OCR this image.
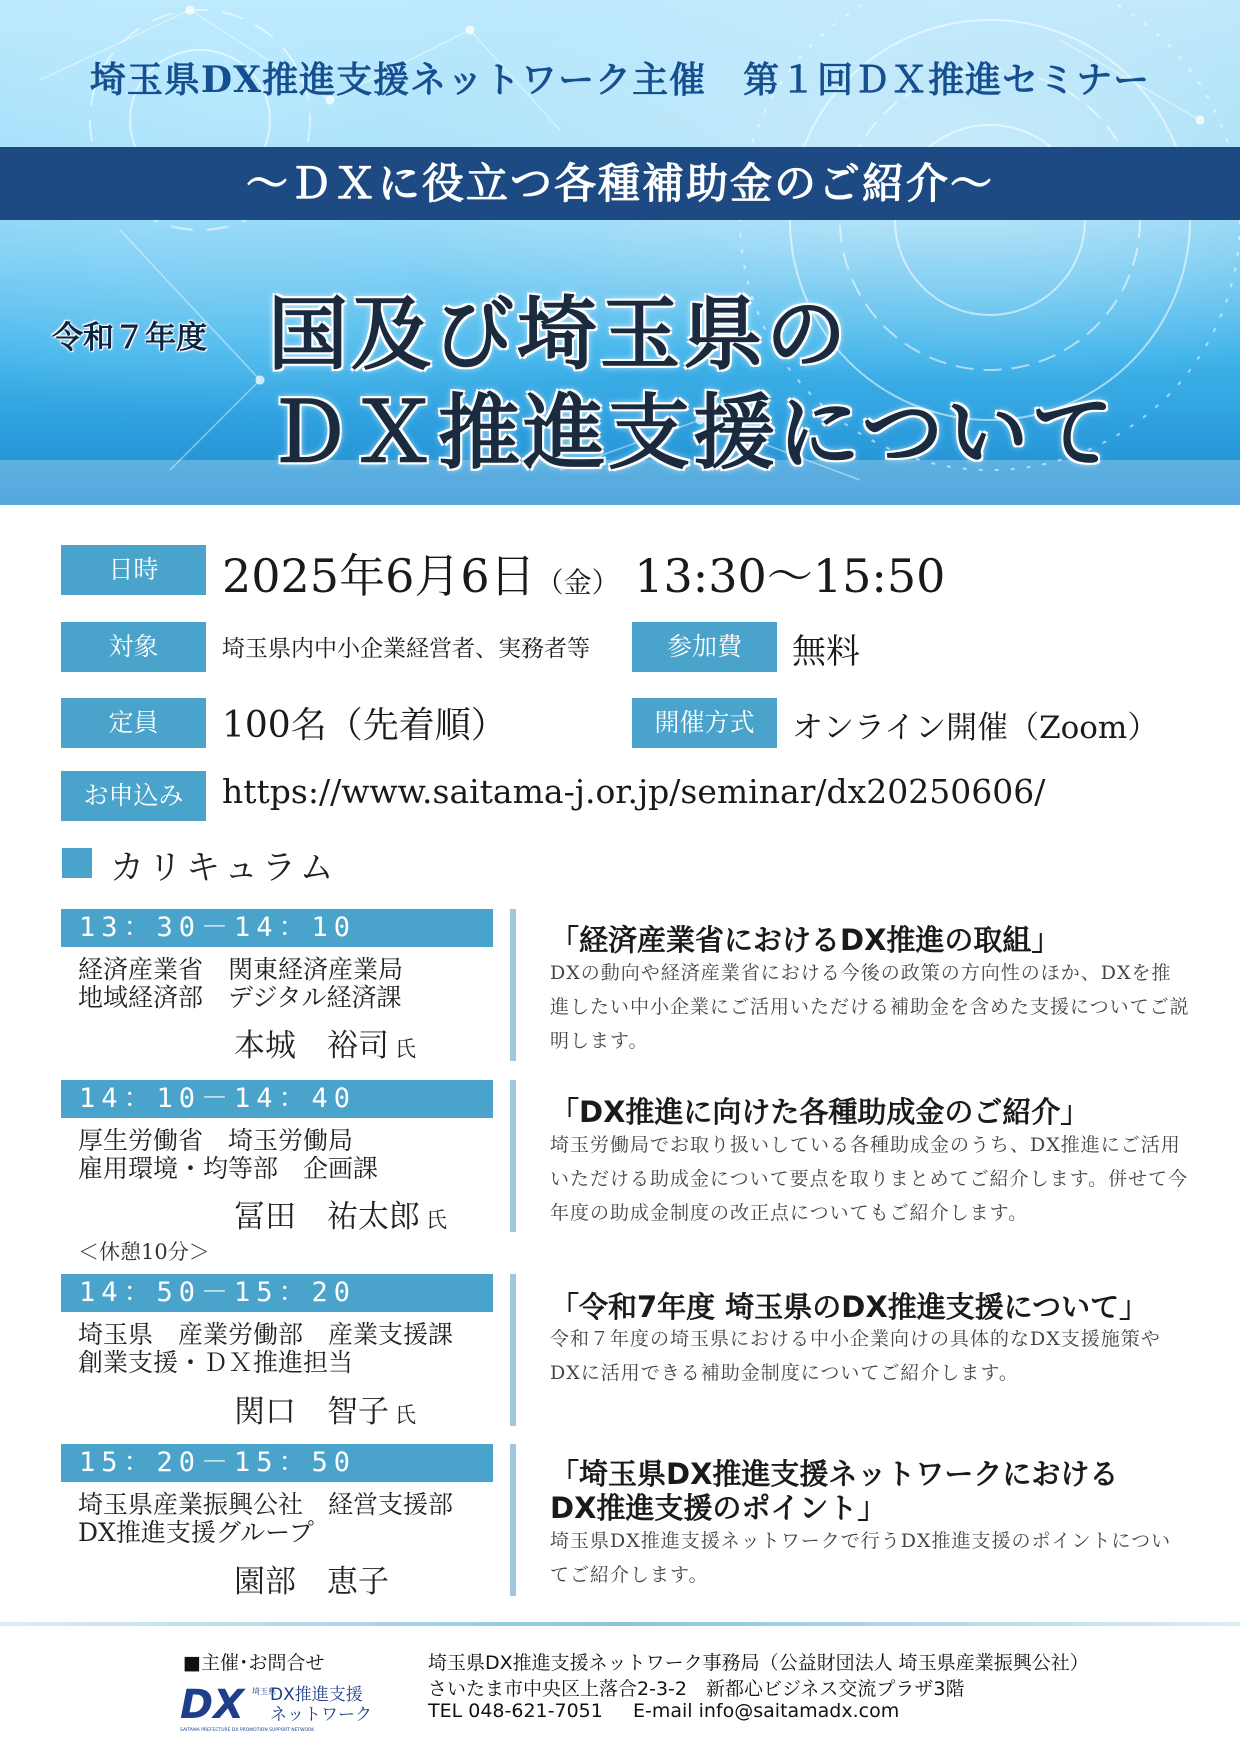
埼玉県DX推進支援ネットワーク主催　第１回ＤＸ推進セミナー
～ＤＸに役立つ各種補助金のご紹介～
令和７年度 国及び埼玉県の
ＤＸ推進支援について
日時	2025年6月6日（金） 13:30～15:50
対象	埼玉県内中小企業経営者、実務者等	参加費	無料
定員	100名（先着順）	開催方式	オンライン開催（Zoom）
お申込み	https://www.saitama-j.or.jp/seminar/dx20250606/
カリキュラム
13：30－14：10
経済産業省　関東経済産業局
地域経済部　デジタル経済課
本城　裕司 氏
「経済産業省におけるDX推進の取組」
DXの動向や経済産業省における今後の政策の方向性のほか、DXを推進したい中小企業にご活用いただける補助金を含めた支援についてご説明します。
14：10－14：40
厚生労働省　埼玉労働局
雇用環境・均等部　企画課
冨田　祐太郎 氏
＜休憩10分＞
「DX推進に向けた各種助成金のご紹介」
埼玉労働局でお取り扱いしている各種助成金のうち、DX推進にご活用いただける助成金について要点を取りまとめてご紹介します。併せて今年度の助成金制度の改正点についてもご紹介します。
14：50－15：20
埼玉県　産業労働部　産業支援課
創業支援・ＤＸ推進担当
関口　智子 氏
「令和7年度 埼玉県のDX推進支援について」
令和７年度の埼玉県における中小企業向けの具体的なDX支援施策やDXに活用できる補助金制度についてご紹介します。
15：20－15：50
埼玉県産業振興公社　経営支援部
DX推進支援グループ
園部　恵子
「埼玉県DX推進支援ネットワークにおける
DX推進支援のポイント」
埼玉県DX推進支援ネットワークで行うDX推進支援のポイントについてご紹介します。
■主催･お問合せ
DX 埼玉県
DX推進支援
ネットワーク
SAITAMA PREFECTURE DX PROMOTION SUPPORT NETWORK
埼玉県DX推進支援ネットワーク事務局（公益財団法人 埼玉県産業振興公社）
さいたま市中央区上落合2-3-2　新都心ビジネス交流プラザ3階
TEL 048-621-7051 E-mail info@saitamadx.com
